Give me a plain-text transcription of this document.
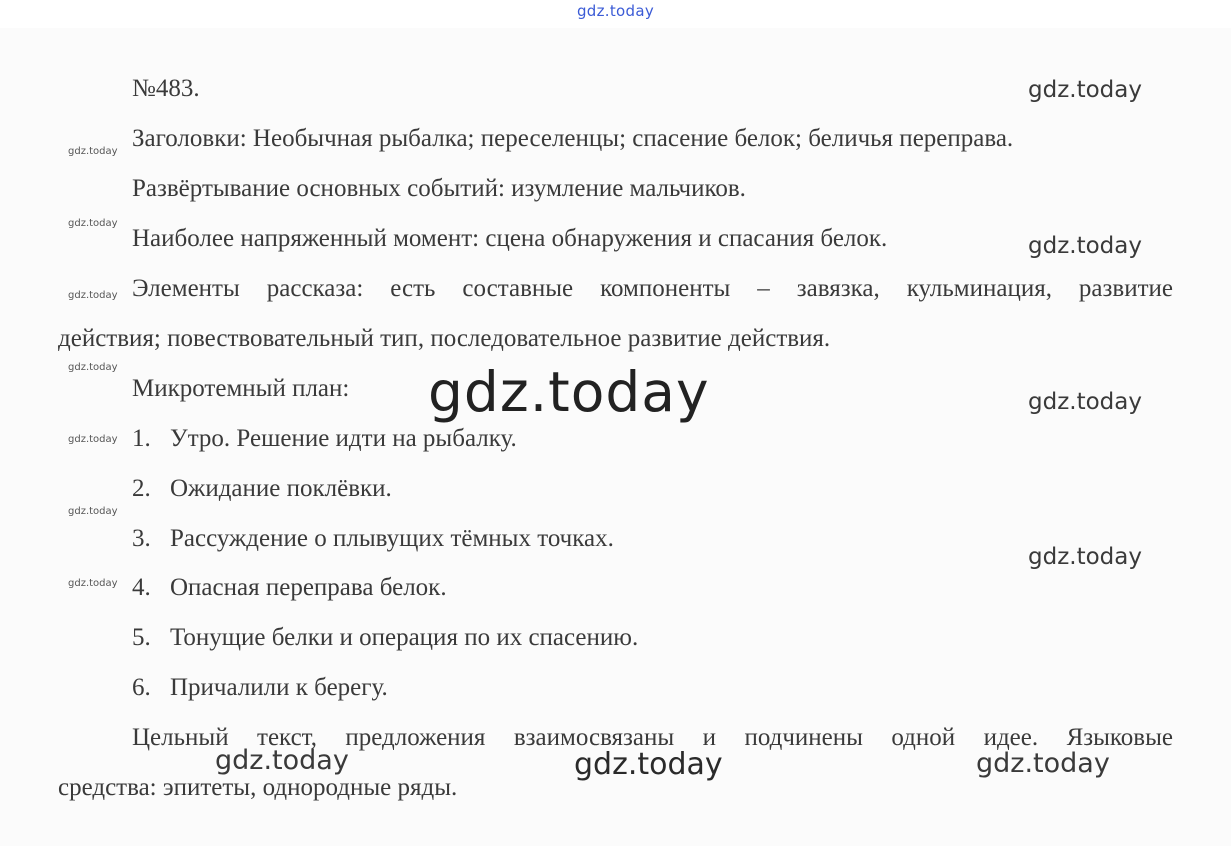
gdz.today
№483.
Заголовки: Необычная рыбалка; переселенцы; спасение белок; беличья переправа.
Развёртывание основных событий: изумление мальчиков.
Наиболее напряженный момент: сцена обнаружения и спасания белок.
Элементы рассказа: есть составные компоненты – завязка, кульминация, развитие
действия; повествовательный тип, последовательное развитие действия.
Микротемный план:
1. Утро. Решение идти на рыбалку.
2. Ожидание поклёвки.
3. Рассуждение о плывущих тёмных точках.
4. Опасная переправа белок.
5. Тонущие белки и операция по их спасению.
6. Причалили к берегу.
Цельный текст, предложения взаимосвязаны и подчинены одной идее. Языковые
средства: эпитеты, однородные ряды.
gdz.today
gdz.today
gdz.today
gdz.today
gdz.today
gdz.today
gdz.today
gdz.today
gdz.today
gdz.today
gdz.today
gdz.today
gdz.today	gdz.today	gdz.today
